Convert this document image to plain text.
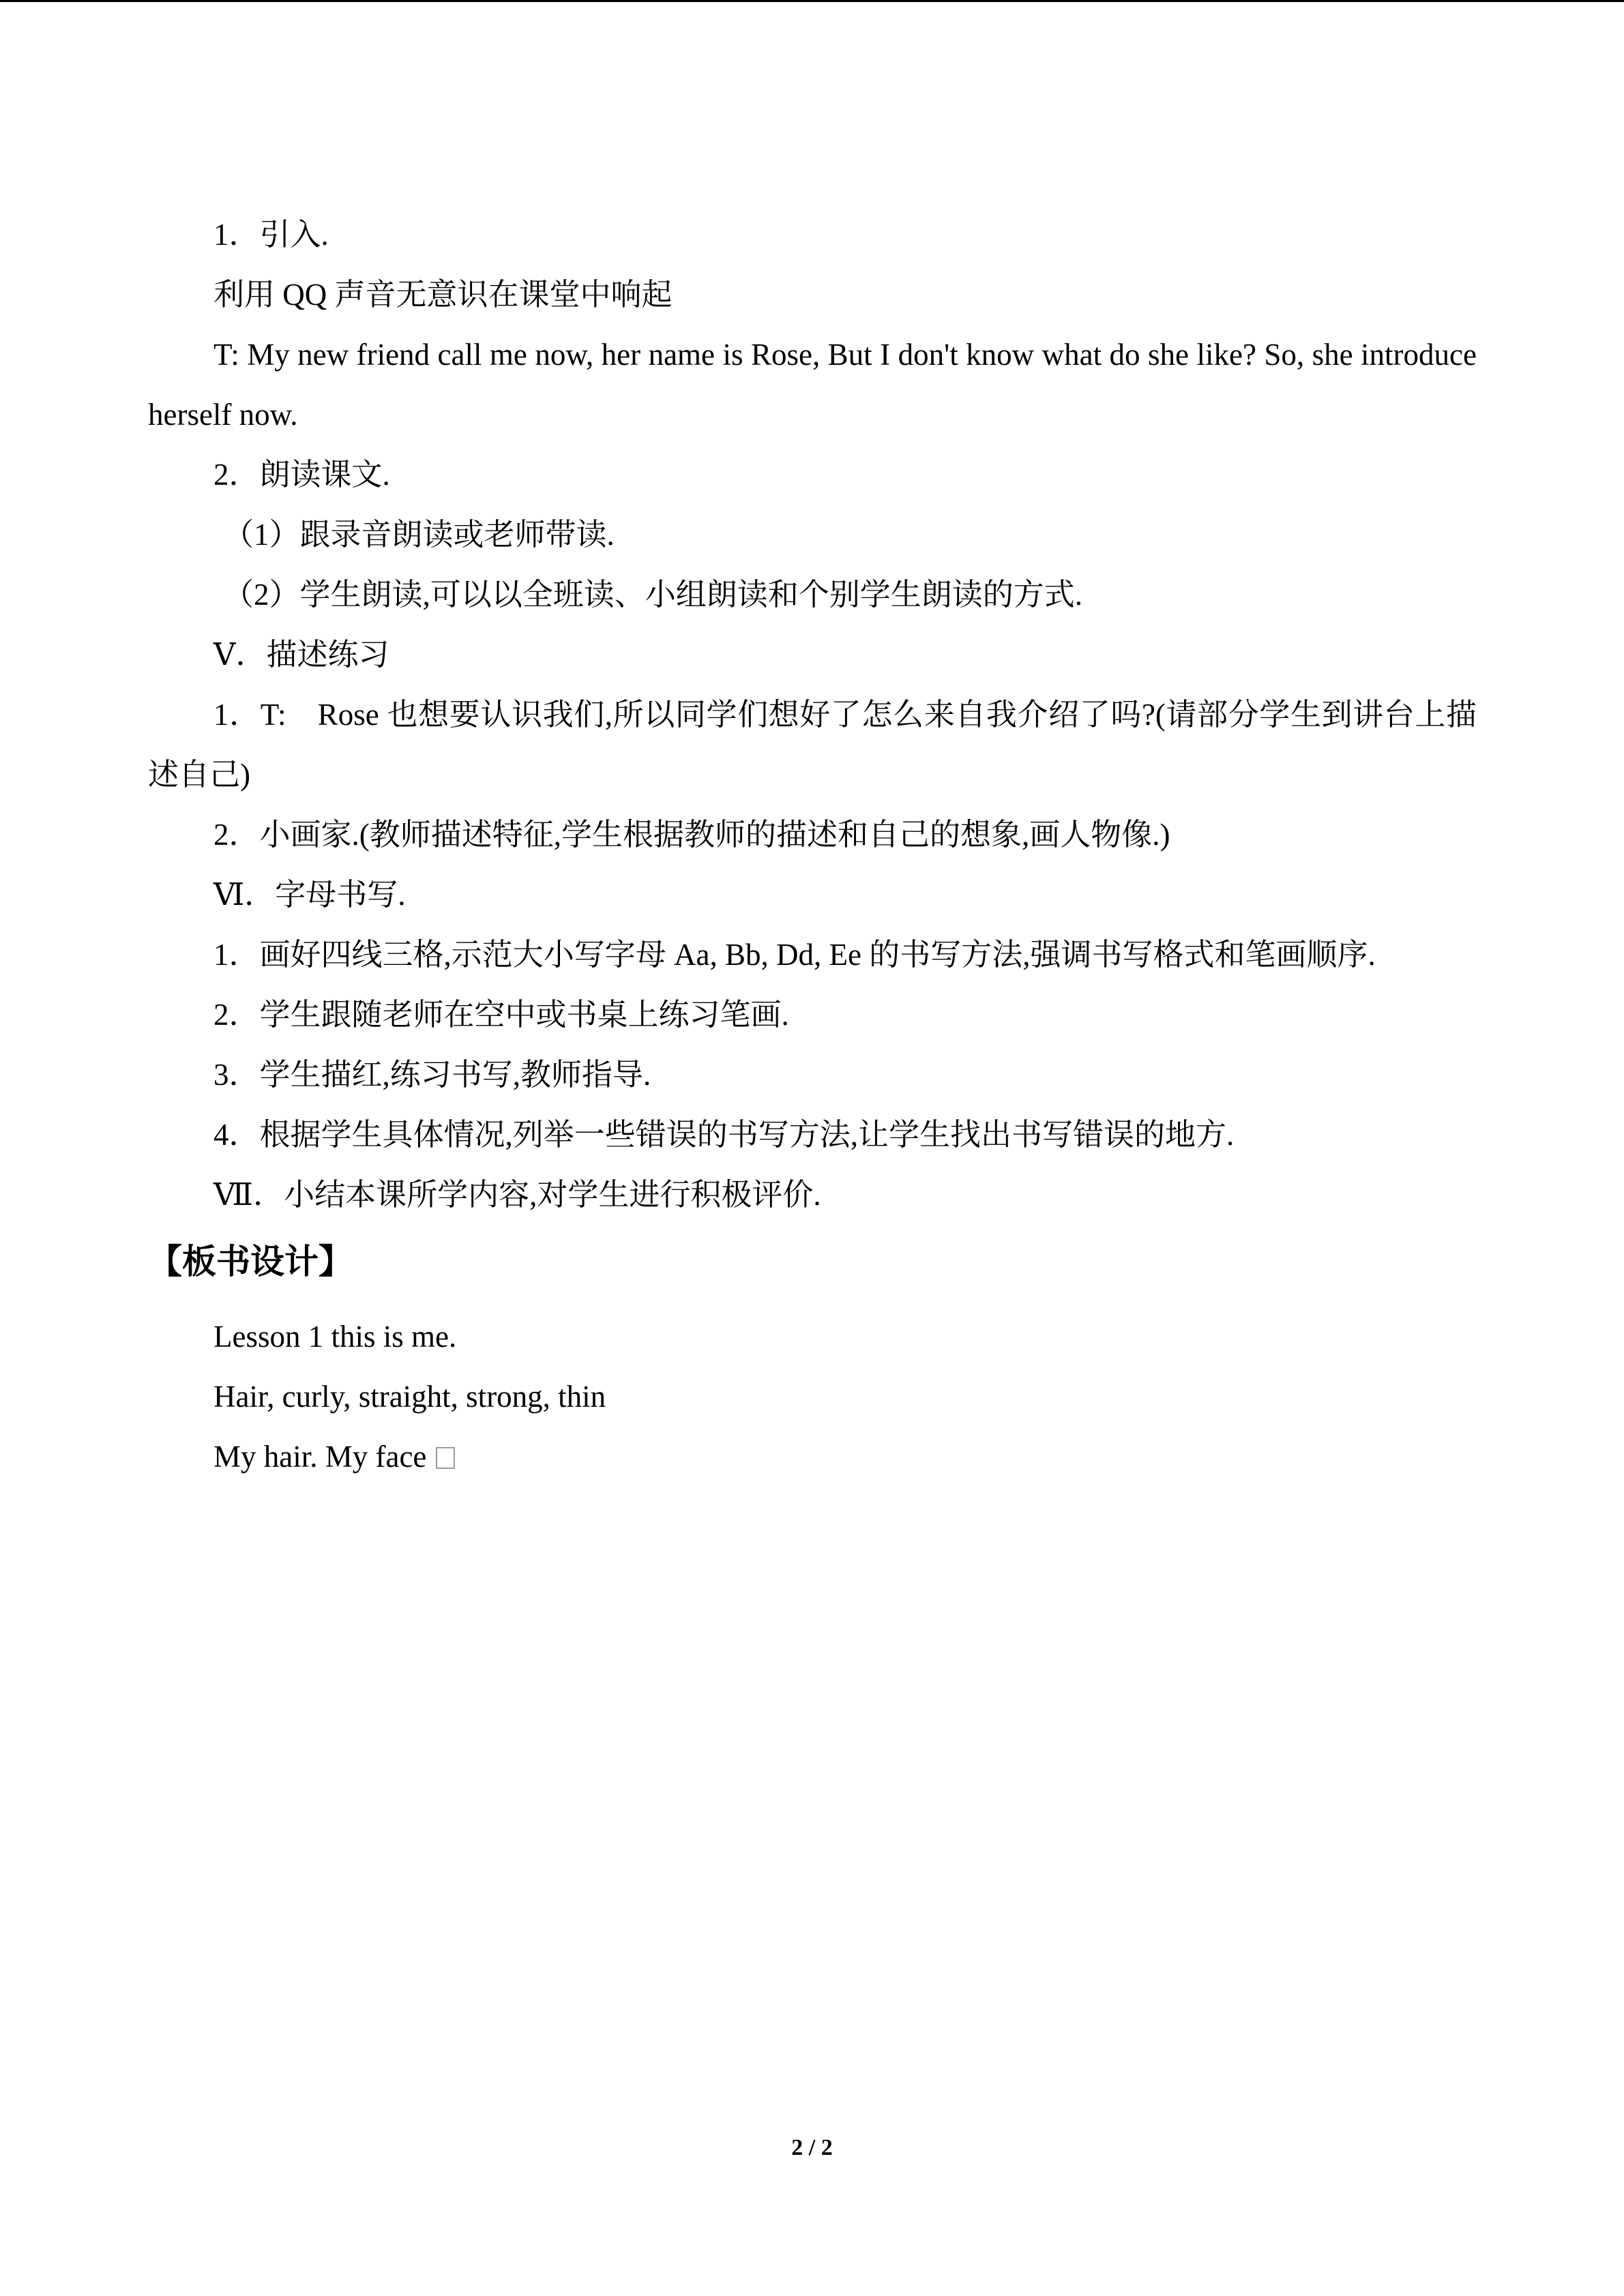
1．引入.

利用 QQ 声音无意识在课堂中响起

T: My new friend call me now, her name is Rose, But I don't know what do she like? So, she introduce herself now.

2．朗读课文.

（1）跟录音朗读或老师带读.

（2）学生朗读,可以以全班读、小组朗读和个别学生朗读的方式.

Ⅴ．描述练习

1．T:　Rose 也想要认识我们,所以同学们想好了怎么来自我介绍了吗?(请部分学生到讲台上描述自己)

2．小画家.(教师描述特征,学生根据教师的描述和自己的想象,画人物像.)

Ⅵ．字母书写.

1．画好四线三格,示范大小写字母 Aa, Bb, Dd, Ee 的书写方法,强调书写格式和笔画顺序.

2．学生跟随老师在空中或书桌上练习笔画.

3．学生描红,练习书写,教师指导.

4．根据学生具体情况,列举一些错误的书写方法,让学生找出书写错误的地方.

Ⅶ．小结本课所学内容,对学生进行积极评价.

【板书设计】

Lesson 1 this is me.

Hair, curly, straight, strong, thin

My hair. My face

2 / 2
